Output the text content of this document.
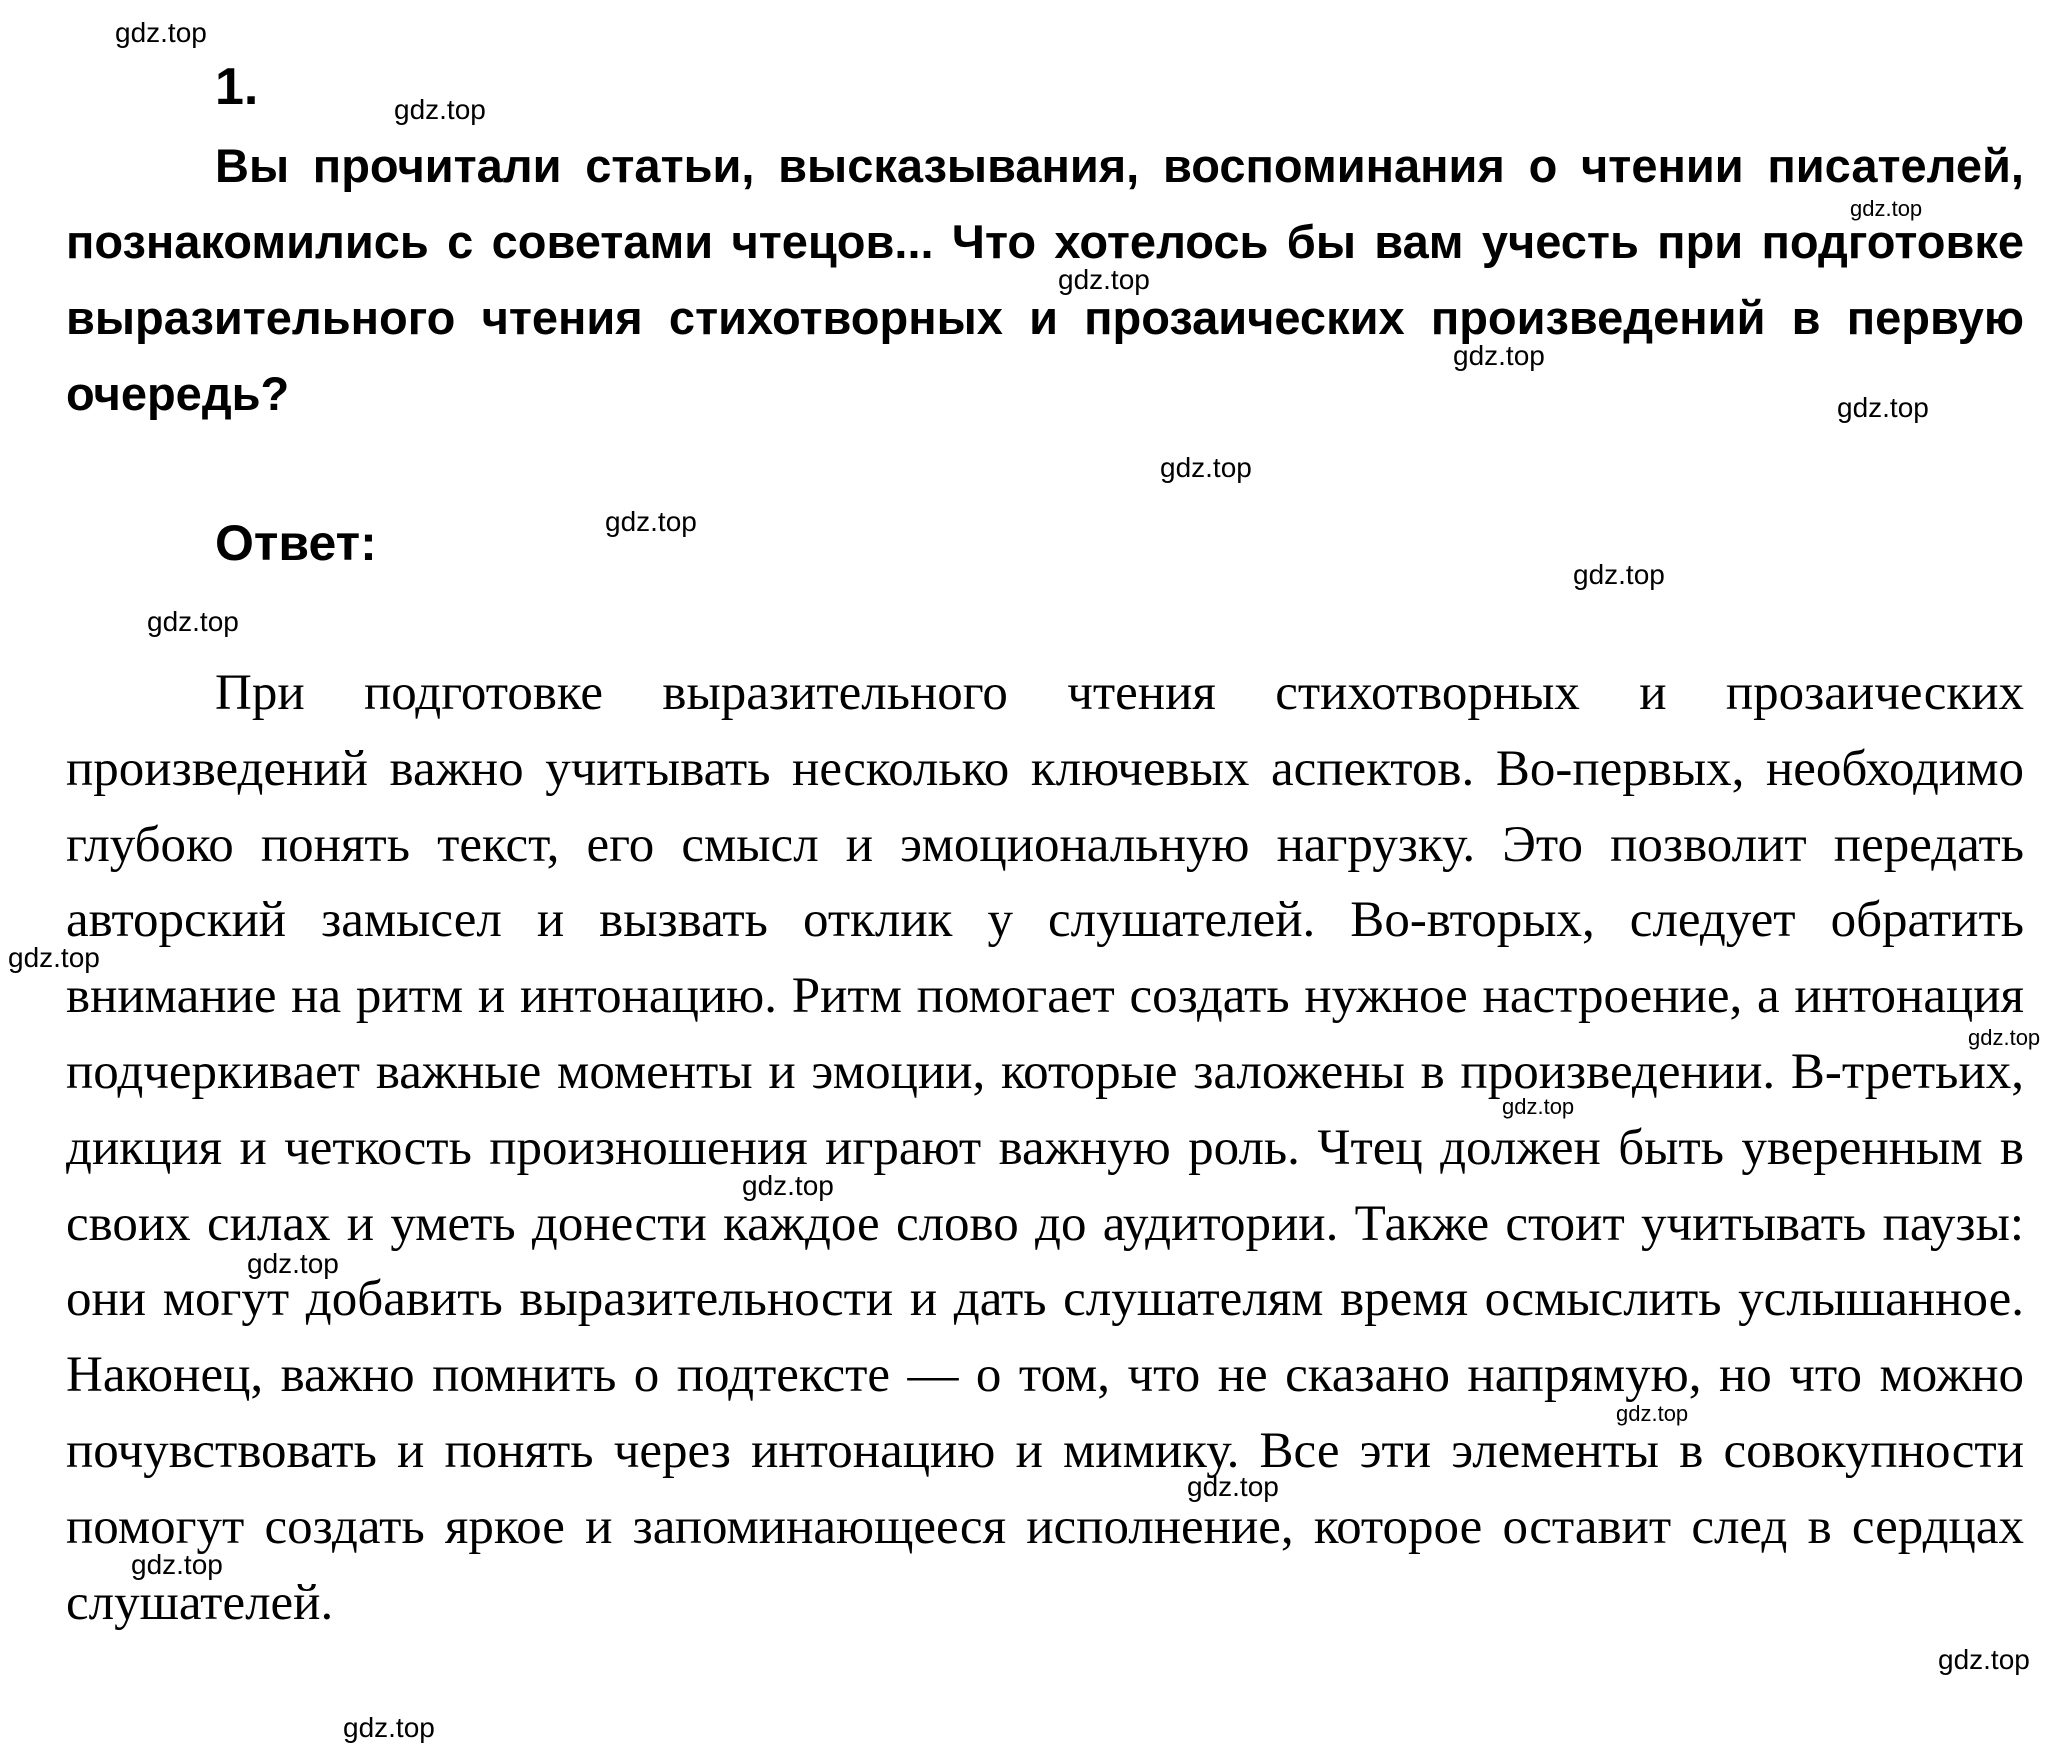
1.

Вы прочитали статьи, высказывания, воспоминания о чтении писателей, познакомились с советами чтецов... Что хотелось бы вам учесть при подготовке выразительного чтения стихотворных и прозаических произведений в первую очередь?

Ответ:

При подготовке выразительного чтения стихотворных и прозаических произведений важно учитывать несколько ключевых аспектов. Во-первых, необходимо глубоко понять текст, его смысл и эмоциональную нагрузку. Это позволит передать авторский замысел и вызвать отклик у слушателей. Во-вторых, следует обратить внимание на ритм и интонацию. Ритм помогает создать нужное настроение, а интонация подчеркивает важные моменты и эмоции, которые заложены в произведении. В-третьих, дикция и четкость произношения играют важную роль. Чтец должен быть уверенным в своих силах и уметь донести каждое слово до аудитории. Также стоит учитывать паузы: они могут добавить выразительности и дать слушателям время осмыслить услышанное. Наконец, важно помнить о подтексте — о том, что не сказано напрямую, но что можно почувствовать и понять через интонацию и мимику. Все эти элементы в совокупности помогут создать яркое и запоминающееся исполнение, которое оставит след в сердцах слушателей.

gdz.top
gdz.top
gdz.top
gdz.top
gdz.top
gdz.top
gdz.top
gdz.top
gdz.top
gdz.top
gdz.top
gdz.top
gdz.top
gdz.top
gdz.top
gdz.top
gdz.top
gdz.top
gdz.top
gdz.top
